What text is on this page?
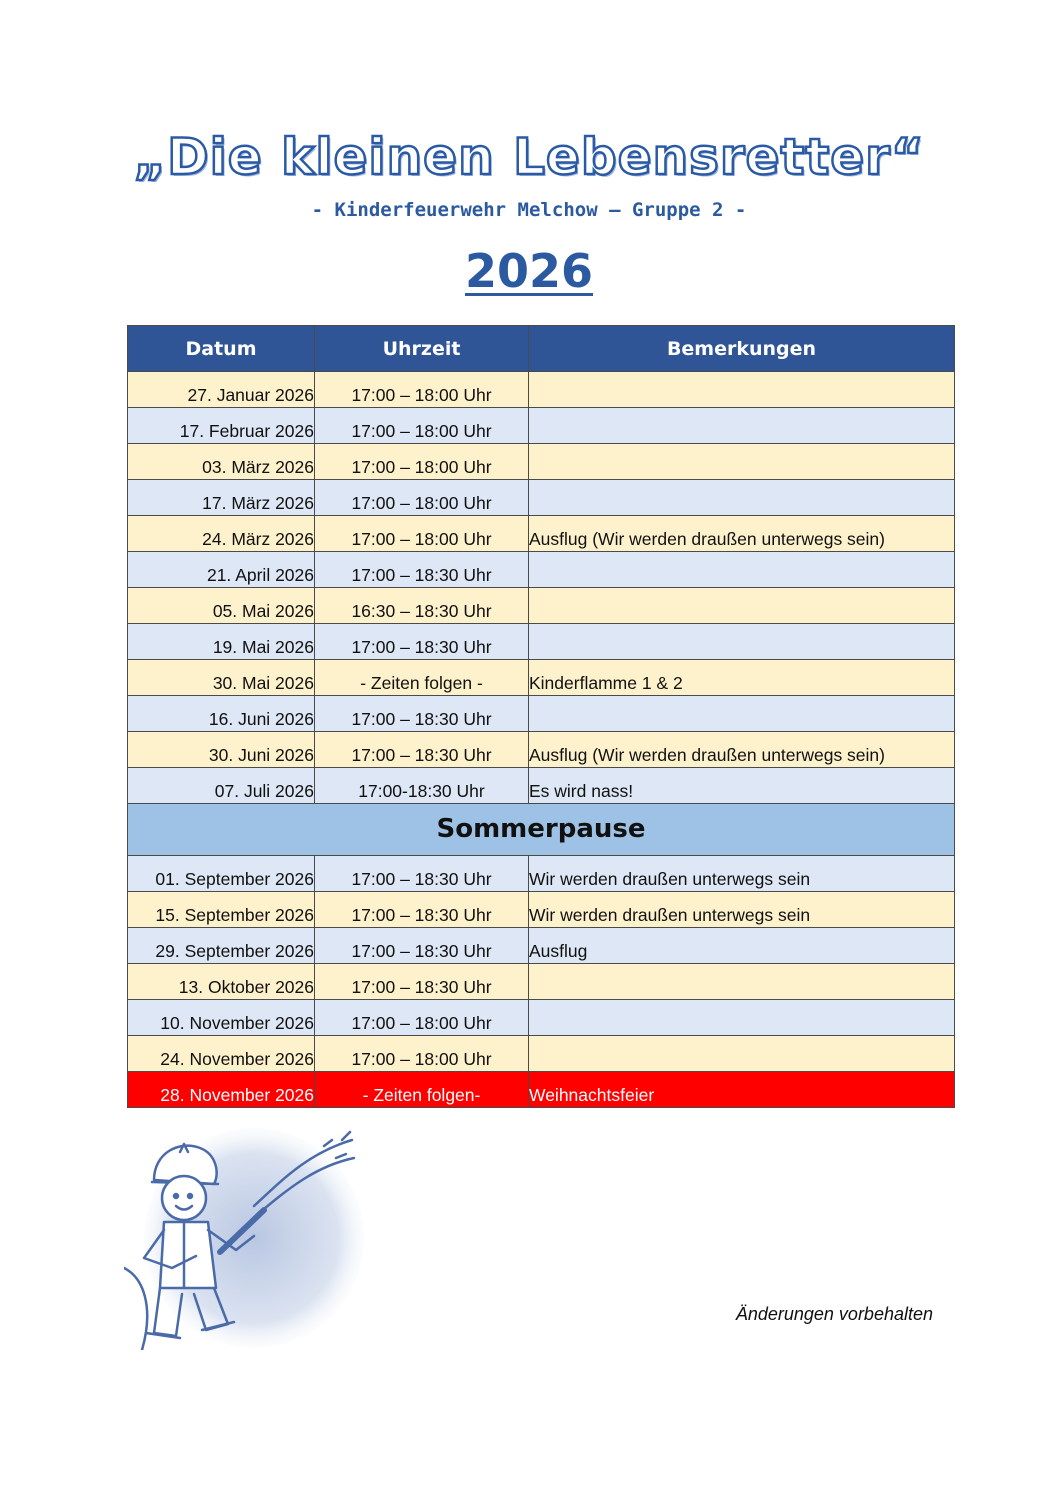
„Die kleinen Lebensretter“
- Kinderfeuerwehr Melchow – Gruppe 2 -
2026
Datum	Uhrzeit	Bemerkungen
27. Januar 2026	17:00 – 18:00 Uhr	
17. Februar 2026	17:00 – 18:00 Uhr	
03. März 2026	17:00 – 18:00 Uhr	
17. März 2026	17:00 – 18:00 Uhr	
24. März 2026	17:00 – 18:00 Uhr	Ausflug (Wir werden draußen unterwegs sein)
21. April 2026	17:00 – 18:30 Uhr	
05. Mai 2026	16:30 – 18:30 Uhr	
19. Mai 2026	17:00 – 18:30 Uhr	
30. Mai 2026	- Zeiten folgen -	Kinderflamme 1 & 2
16. Juni 2026	17:00 – 18:30 Uhr	
30. Juni 2026	17:00 – 18:30 Uhr	Ausflug (Wir werden draußen unterwegs sein)
07. Juli 2026	17:00-18:30 Uhr	Es wird nass!
Sommerpause		
01. September 2026	17:00 – 18:30 Uhr	Wir werden draußen unterwegs sein
15. September 2026	17:00 – 18:30 Uhr	Wir werden draußen unterwegs sein
29. September 2026	17:00 – 18:30 Uhr	Ausflug
13. Oktober 2026	17:00 – 18:30 Uhr	
10. November 2026	17:00 – 18:00 Uhr	
24. November 2026	17:00 – 18:00 Uhr	
28. November 2026	- Zeiten folgen-	Weihnachtsfeier
Änderungen vorbehalten
